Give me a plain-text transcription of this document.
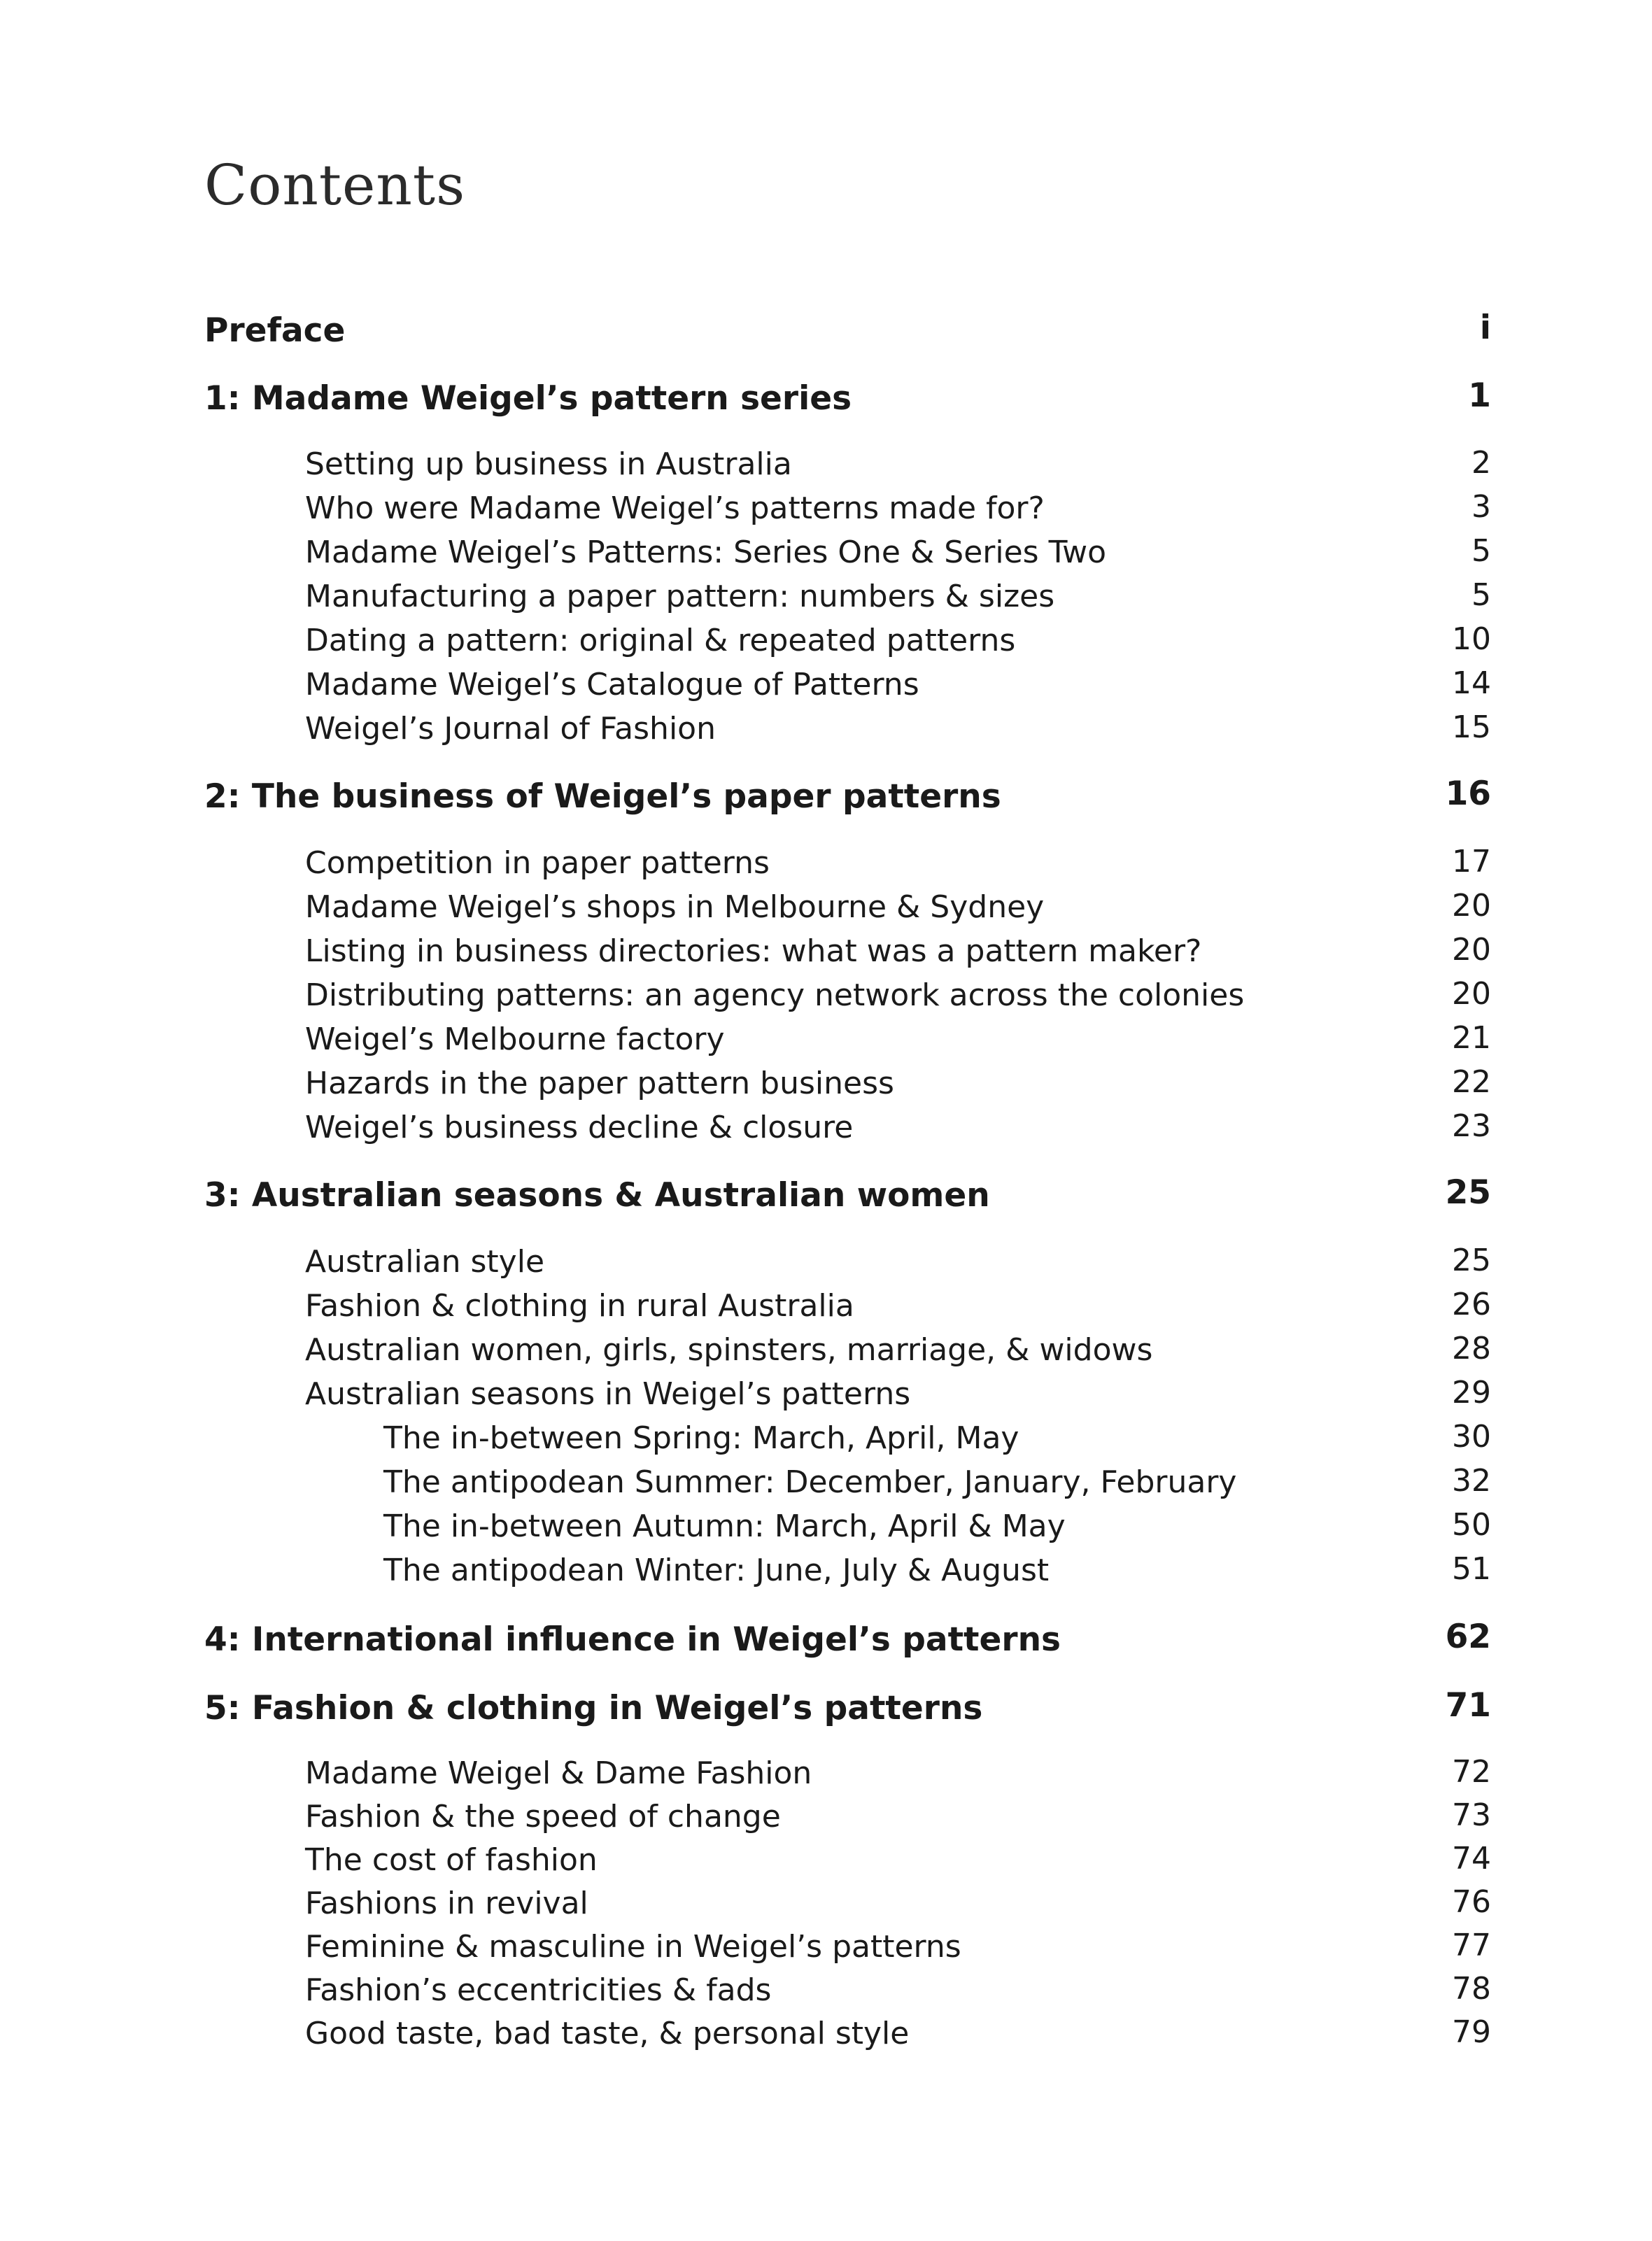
Contents
Preface	i
1: Madame Weigel’s pattern series	1
Setting up business in Australia	2
Who were Madame Weigel’s patterns made for?	3
Madame Weigel’s Patterns: Series One & Series Two	5
Manufacturing a paper pattern: numbers & sizes	5
Dating a pattern: original & repeated patterns	10
Madame Weigel’s Catalogue of Patterns	14
Weigel’s Journal of Fashion	15
2: The business of Weigel’s paper patterns	16
Competition in paper patterns	17
Madame Weigel’s shops in Melbourne & Sydney	20
Listing in business directories: what was a pattern maker?	20
Distributing patterns: an agency network across the colonies	20
Weigel’s Melbourne factory	21
Hazards in the paper pattern business	22
Weigel’s business decline & closure	23
3: Australian seasons & Australian women	25
Australian style	25
Fashion & clothing in rural Australia	26
Australian women, girls, spinsters, marriage, & widows	28
Australian seasons in Weigel’s patterns	29
The in-between Spring: March, April, May	30
The antipodean Summer: December, January, February	32
The in-between Autumn: March, April & May	50
The antipodean Winter: June, July & August	51
4: International influence in Weigel’s patterns	62
5: Fashion & clothing in Weigel’s patterns	71
Madame Weigel & Dame Fashion	72
Fashion & the speed of change	73
The cost of fashion	74
Fashions in revival	76
Feminine & masculine in Weigel’s patterns	77
Fashion’s eccentricities & fads	78
Good taste, bad taste, & personal style	79
